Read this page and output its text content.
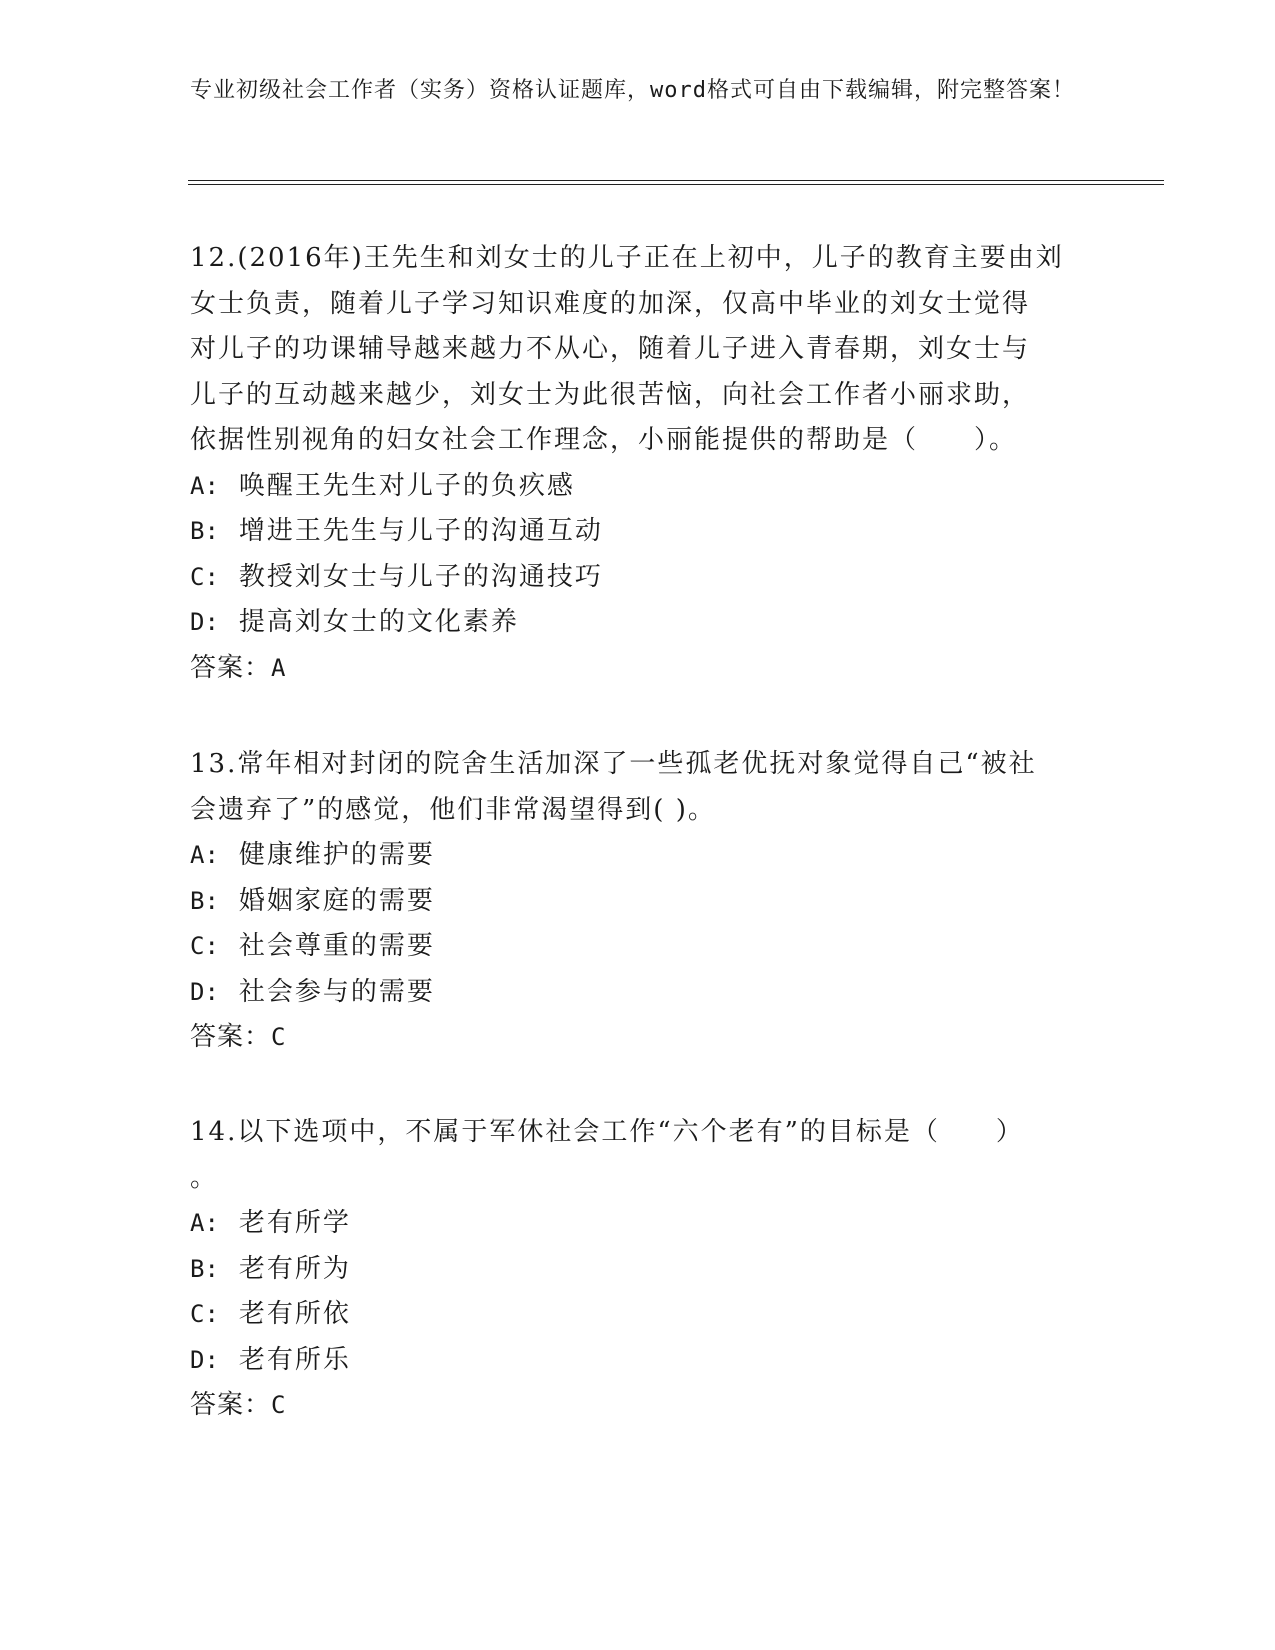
专业初级社会工作者（实务）资格认证题库，word格式可自由下载编辑，附完整答案！

12.(2016年)王先生和刘女士的儿子正在上初中，儿子的教育主要由刘

女士负责，随着儿子学习知识难度的加深，仅高中毕业的刘女士觉得

对儿子的功课辅导越来越力不从心，随着儿子进入青春期，刘女士与

儿子的互动越来越少，刘女士为此很苦恼，向社会工作者小丽求助，

依据性别视角的妇女社会工作理念，小丽能提供的帮助是（　　）。

A: 唤醒王先生对儿子的负疚感

B: 增进王先生与儿子的沟通互动

C: 教授刘女士与儿子的沟通技巧

D: 提高刘女士的文化素养

答案：A

13.常年相对封闭的院舍生活加深了一些孤老优抚对象觉得自己“被社

会遗弃了”的感觉，他们非常渴望得到( )。

A: 健康维护的需要

B: 婚姻家庭的需要

C: 社会尊重的需要

D: 社会参与的需要

答案：C

14.以下选项中，不属于军休社会工作“六个老有”的目标是（　　）

。

A: 老有所学

B: 老有所为

C: 老有所依

D: 老有所乐

答案：C
